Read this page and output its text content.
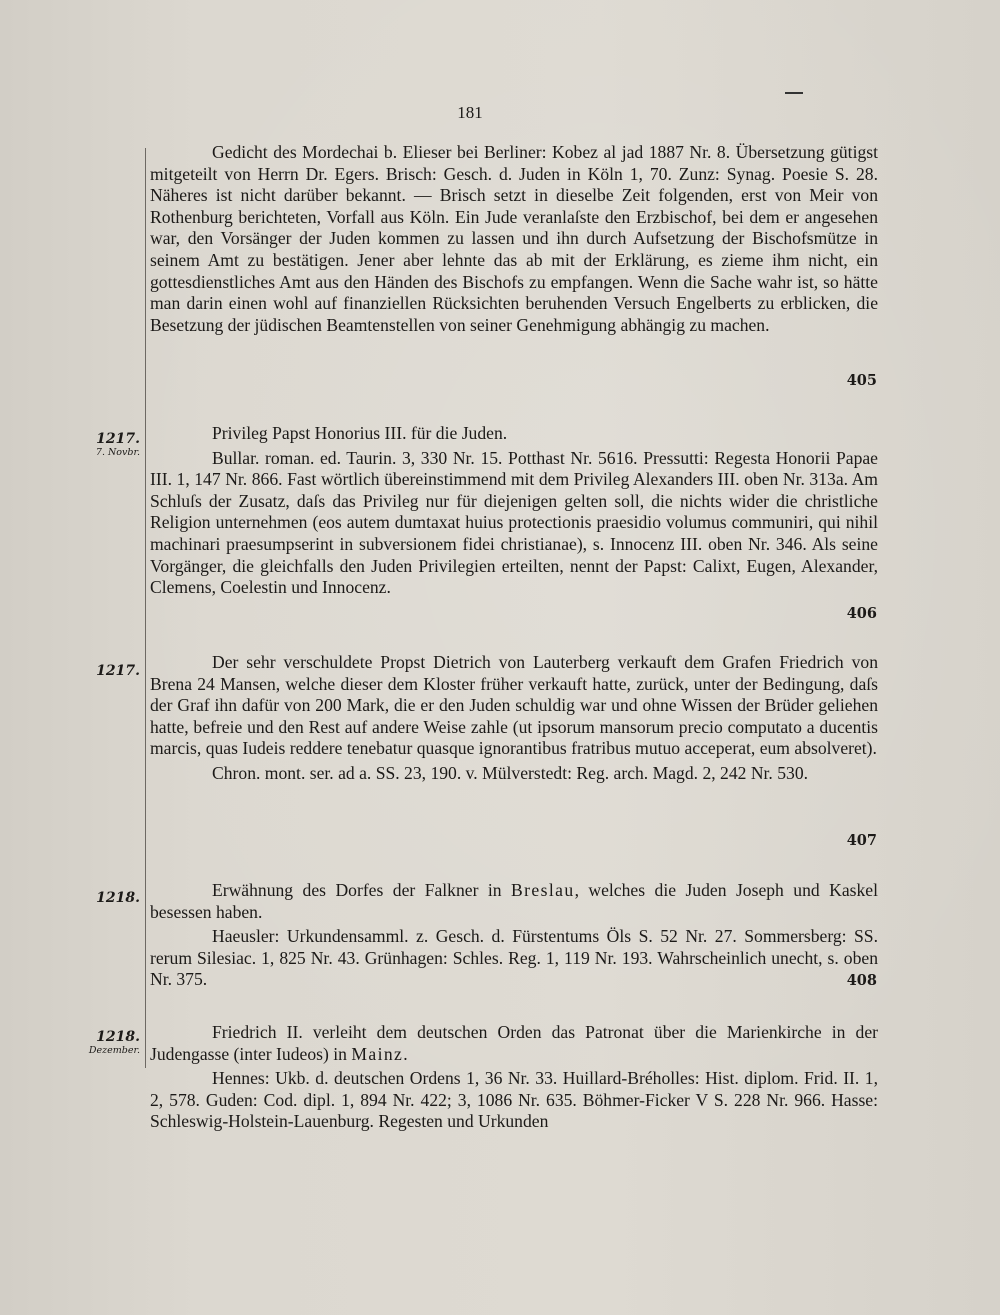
181

Gedicht des Mordechai b. Elieser bei Berliner: Kobez al jad 1887 Nr. 8. Übersetzung gütigst mitgeteilt von Herrn Dr. Egers. Brisch: Gesch. d. Juden in Köln 1, 70. Zunz: Synag. Poesie S. 28. Näheres ist nicht darüber bekannt. — Brisch setzt in dieselbe Zeit folgenden, erst von Meir von Rothenburg berichteten, Vorfall aus Köln. Ein Jude veranlaſste den Erzbischof, bei dem er angesehen war, den Vorsänger der Juden kommen zu lassen und ihn durch Aufsetzung der Bischofsmütze in seinem Amt zu bestätigen. Jener aber lehnte das ab mit der Erklärung, es zieme ihm nicht, ein gottesdienstliches Amt aus den Händen des Bischofs zu empfangen. Wenn die Sache wahr ist, so hätte man darin einen wohl auf finanziellen Rücksichten beruhenden Versuch Engelberts zu erblicken, die Besetzung der jüdischen Beamtenstellen von seiner Genehmigung abhängig zu machen.

405
1217.
7. Novbr.

Privileg Papst Honorius III. für die Juden.

Bullar. roman. ed. Taurin. 3, 330 Nr. 15. Potthast Nr. 5616. Pressutti: Regesta Honorii Papae III. 1, 147 Nr. 866. Fast wörtlich übereinstimmend mit dem Privileg Alexanders III. oben Nr. 313a. Am Schluſs der Zusatz, daſs das Privileg nur für diejenigen gelten soll, die nichts wider die christliche Religion unternehmen (eos autem dumtaxat huius protectionis praesidio volumus communiri, qui nihil machinari praesumpserint in subversionem fidei christianae), s. Innocenz III. oben Nr. 346. Als seine Vorgänger, die gleichfalls den Juden Privilegien erteilten, nennt der Papst: Calixt, Eugen, Alexander, Clemens, Coelestin und Innocenz.

406
1217.	Der sehr verschuldete Propst Dietrich von Lauterberg verkauft dem Grafen Friedrich von Brena 24 Mansen, welche dieser dem Kloster früher verkauft hatte, zurück, unter der Bedingung, daſs der Graf ihn dafür von 200 Mark, die er den Juden schuldig war und ohne Wissen der Brüder geliehen hatte, befreie und den Rest auf andere Weise zahle (ut ipsorum mansorum precio computato a ducentis marcis, quas Iudeis reddere tenebatur quasque ignorantibus fratribus mutuo acceperat, eum absolveret).

Chron. mont. ser. ad a. SS. 23, 190. v. Mülverstedt: Reg. arch. Magd. 2, 242 Nr. 530.

407
1218.	Erwähnung des Dorfes der Falkner in Breslau, welches die Juden Joseph und Kaskel besessen haben.

Haeusler: Urkundensamml. z. Gesch. d. Fürstentums Öls S. 52 Nr. 27. Sommersberg: SS. rerum Silesiac. 1, 825 Nr. 43. Grünhagen: Schles. Reg. 1, 119 Nr. 193. Wahrscheinlich unecht, s. oben Nr. 375.	408
1218.
Dezember.

Friedrich II. verleiht dem deutschen Orden das Patronat über die Marienkirche in der Judengasse (inter Iudeos) in Mainz.

Hennes: Ukb. d. deutschen Ordens 1, 36 Nr. 33. Huillard-Bréholles: Hist. diplom. Frid. II. 1, 2, 578. Guden: Cod. dipl. 1, 894 Nr. 422; 3, 1086 Nr. 635. Böhmer-Ficker V S. 228 Nr. 966. Hasse: Schleswig-Holstein-Lauenburg. Regesten und Urkunden
